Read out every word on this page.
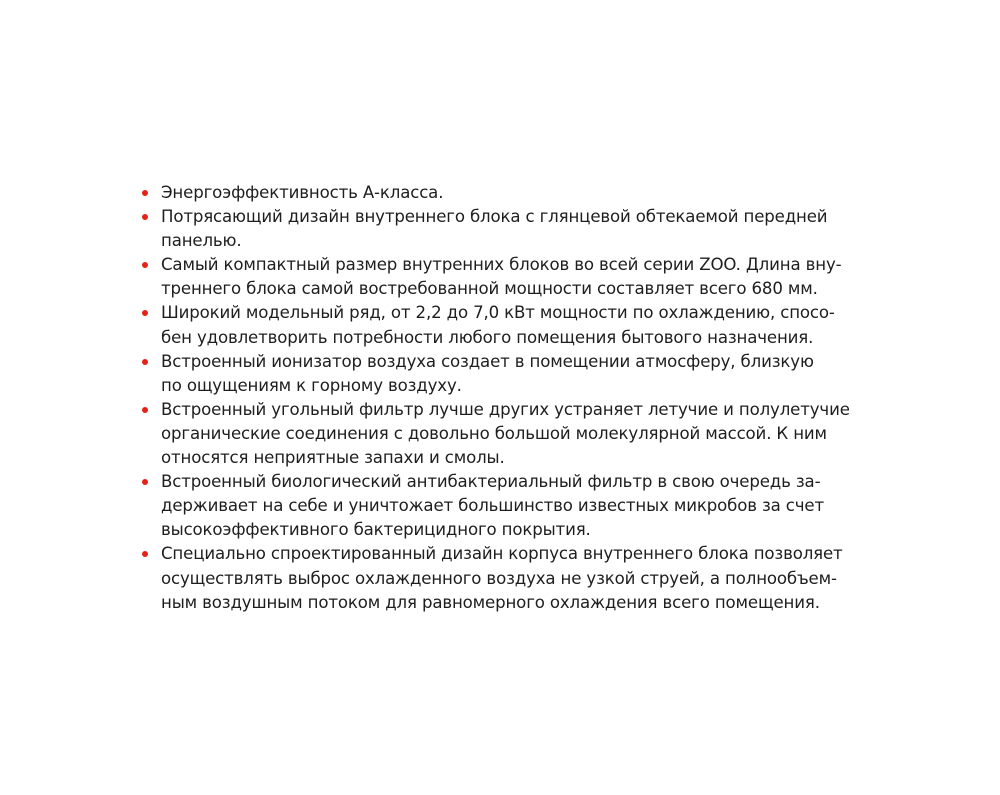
Энергоэффективность А-класса.
Потрясающий дизайн внутреннего блока с глянцевой обтекаемой передней
панелью.
Самый компактный размер внутренних блоков во всей серии ZOO. Длина вну-
треннего блока самой востребованной мощности составляет всего 680 мм.
Широкий модельный ряд, от 2,2 до 7,0 кВт мощности по охлаждению, спосо-
бен удовлетворить потребности любого помещения бытового назначения.
Встроенный ионизатор воздуха создает в помещении атмосферу, близкую
по ощущениям к горному воздуху.
Встроенный угольный фильтр лучше других устраняет летучие и полулетучие
органические соединения с довольно большой молекулярной массой. К ним
относятся неприятные запахи и смолы.
Встроенный биологический антибактериальный фильтр в свою очередь за-
держивает на себе и уничтожает большинство известных микробов за счет
высокоэффективного бактерицидного покрытия.
Специально спроектированный дизайн корпуса внутреннего блока позволяет
осуществлять выброс охлажденного воздуха не узкой струей, а полнообъем-
ным воздушным потоком для равномерного охлаждения всего помещения.
